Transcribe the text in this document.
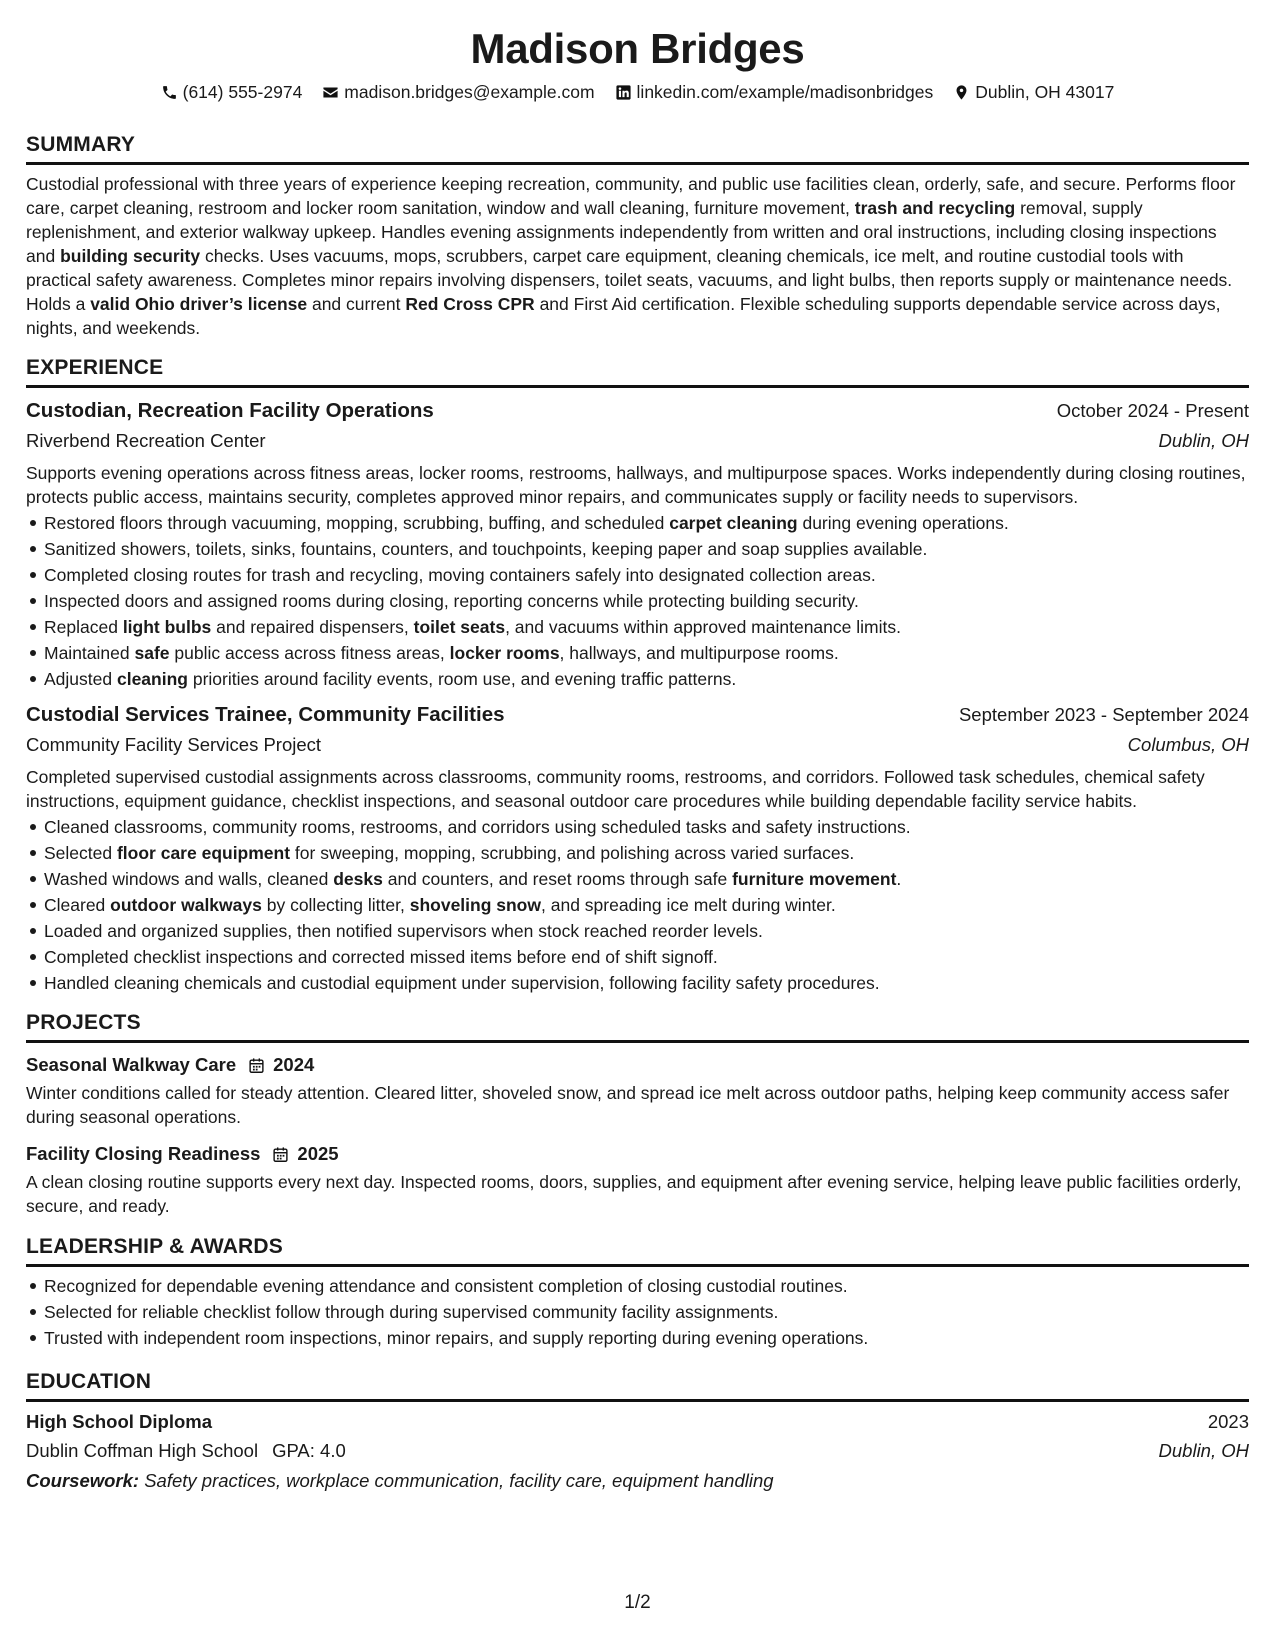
Madison Bridges
(614) 555-2974 madison.bridges@example.com linkedin.com/example/madisonbridges Dublin, OH 43017
SUMMARY
Custodial professional with three years of experience keeping recreation, community, and public use facilities clean, orderly, safe, and secure. Performs floor care, carpet cleaning, restroom and locker room sanitation, window and wall cleaning, furniture movement, trash and recycling removal, supply replenishment, and exterior walkway upkeep. Handles evening assignments independently from written and oral instructions, including closing inspections and building security checks. Uses vacuums, mops, scrubbers, carpet care equipment, cleaning chemicals, ice melt, and routine custodial tools with practical safety awareness. Completes minor repairs involving dispensers, toilet seats, vacuums, and light bulbs, then reports supply or maintenance needs. Holds a valid Ohio driver’s license and current Red Cross CPR and First Aid certification. Flexible scheduling supports dependable service across days, nights, and weekends.
EXPERIENCE
Custodian, Recreation Facility Operations	October 2024 - Present
Riverbend Recreation Center	Dublin, OH
Supports evening operations across fitness areas, locker rooms, restrooms, hallways, and multipurpose spaces. Works independently during closing routines, protects public access, maintains security, completes approved minor repairs, and communicates supply or facility needs to supervisors.
Restored floors through vacuuming, mopping, scrubbing, buffing, and scheduled carpet cleaning during evening operations.
Sanitized showers, toilets, sinks, fountains, counters, and touchpoints, keeping paper and soap supplies available.
Completed closing routes for trash and recycling, moving containers safely into designated collection areas.
Inspected doors and assigned rooms during closing, reporting concerns while protecting building security.
Replaced light bulbs and repaired dispensers, toilet seats, and vacuums within approved maintenance limits.
Maintained safe public access across fitness areas, locker rooms, hallways, and multipurpose rooms.
Adjusted cleaning priorities around facility events, room use, and evening traffic patterns.
Custodial Services Trainee, Community Facilities	September 2023 - September 2024
Community Facility Services Project	Columbus, OH
Completed supervised custodial assignments across classrooms, community rooms, restrooms, and corridors. Followed task schedules, chemical safety instructions, equipment guidance, checklist inspections, and seasonal outdoor care procedures while building dependable facility service habits.
Cleaned classrooms, community rooms, restrooms, and corridors using scheduled tasks and safety instructions.
Selected floor care equipment for sweeping, mopping, scrubbing, and polishing across varied surfaces.
Washed windows and walls, cleaned desks and counters, and reset rooms through safe furniture movement.
Cleared outdoor walkways by collecting litter, shoveling snow, and spreading ice melt during winter.
Loaded and organized supplies, then notified supervisors when stock reached reorder levels.
Completed checklist inspections and corrected missed items before end of shift signoff.
Handled cleaning chemicals and custodial equipment under supervision, following facility safety procedures.
PROJECTS
Seasonal Walkway Care 2024
Winter conditions called for steady attention. Cleared litter, shoveled snow, and spread ice melt across outdoor paths, helping keep community access safer during seasonal operations.
Facility Closing Readiness 2025
A clean closing routine supports every next day. Inspected rooms, doors, supplies, and equipment after evening service, helping leave public facilities orderly, secure, and ready.
LEADERSHIP & AWARDS
Recognized for dependable evening attendance and consistent completion of closing custodial routines.
Selected for reliable checklist follow through during supervised community facility assignments.
Trusted with independent room inspections, minor repairs, and supply reporting during evening operations.
EDUCATION
High School Diploma	2023
Dublin Coffman High School GPA: 4.0	Dublin, OH
Coursework: Safety practices, workplace communication, facility care, equipment handling
1/2
